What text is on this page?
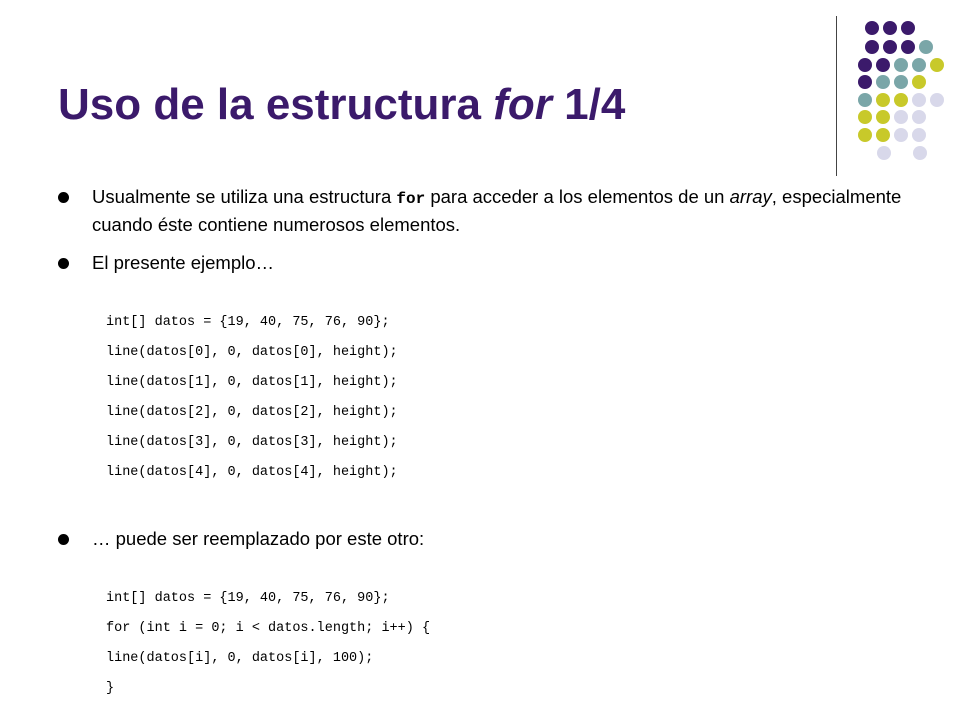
Uso de la estructura for 1/4
Usualmente se utiliza una estructura for para acceder a los elementos de un array, especialmente cuando éste contiene numerosos elementos.
El presente ejemplo…
int[] datos = {19, 40, 75, 76, 90};
line(datos[0], 0, datos[0], height);
line(datos[1], 0, datos[1], height);
line(datos[2], 0, datos[2], height);
line(datos[3], 0, datos[3], height);
line(datos[4], 0, datos[4], height);
… puede ser reemplazado por este otro:
int[] datos = {19, 40, 75, 76, 90};
for (int i = 0; i < datos.length; i++) {
line(datos[i], 0, datos[i], 100);
}
